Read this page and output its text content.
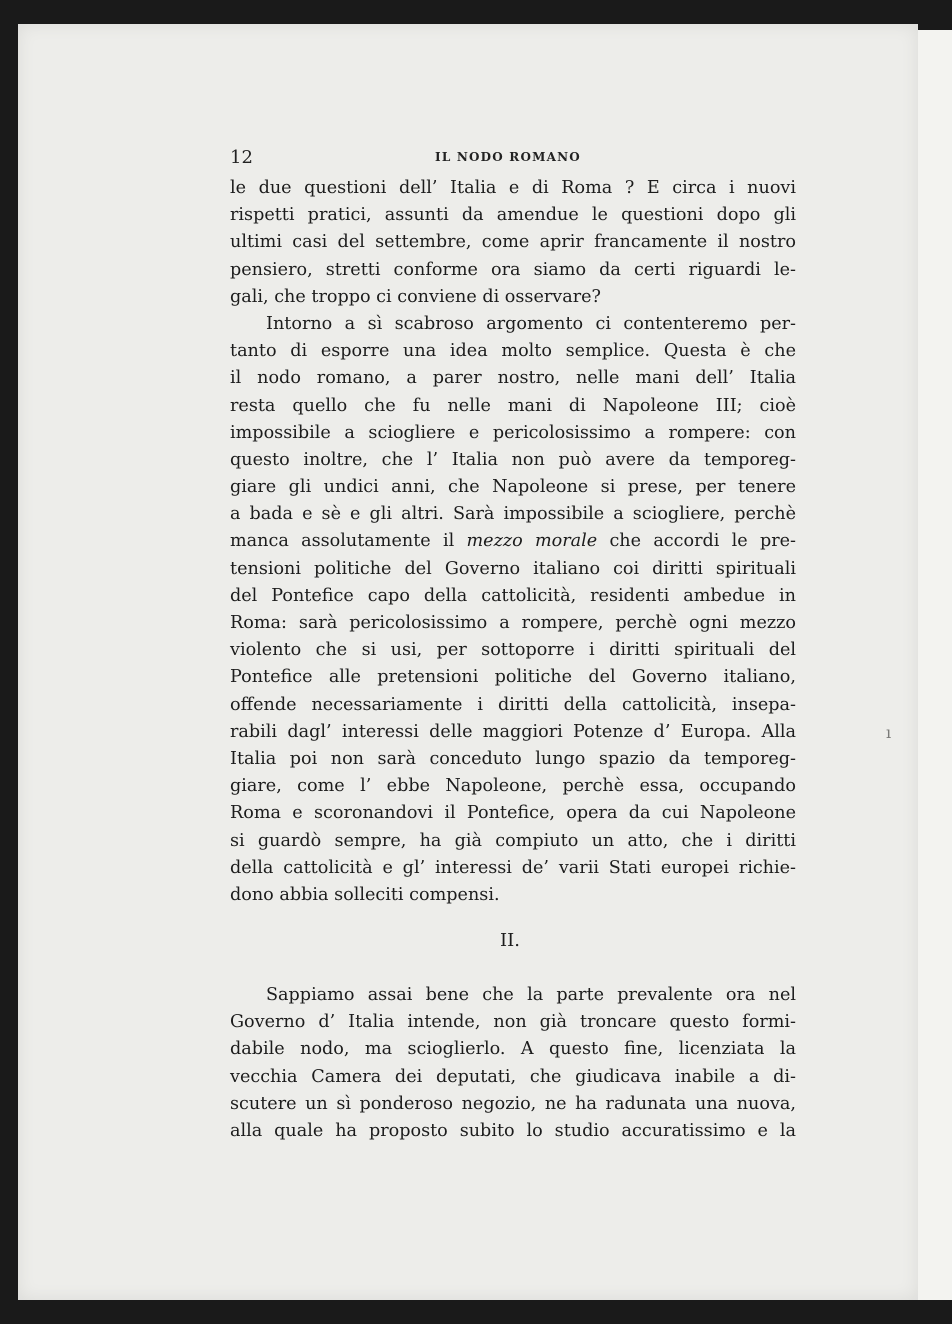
12	IL NODO ROMANO
le due questioni dell’ Italia e di Roma ? E circa i nuovi
rispetti pratici, assunti da amendue le questioni dopo gli
ultimi casi del settembre, come aprir francamente il nostro
pensiero, stretti conforme ora siamo da certi riguardi le-
gali, che troppo ci conviene di osservare?
Intorno a sì scabroso argomento ci contenteremo per-
tanto di esporre una idea molto semplice. Questa è che
il nodo romano, a parer nostro, nelle mani dell’ Italia
resta quello che fu nelle mani di Napoleone III; cioè
impossibile a sciogliere e pericolosissimo a rompere: con
questo inoltre, che l’ Italia non può avere da temporeg-
giare gli undici anni, che Napoleone si prese, per tenere
a bada e sè e gli altri. Sarà impossibile a sciogliere, perchè
manca assolutamente il mezzo morale che accordi le pre-
tensioni politiche del Governo italiano coi diritti spirituali
del Pontefice capo della cattolicità, residenti ambedue in
Roma: sarà pericolosissimo a rompere, perchè ogni mezzo
violento che si usi, per sottoporre i diritti spirituali del
Pontefice alle pretensioni politiche del Governo italiano,
offende necessariamente i diritti della cattolicità, insepa-
rabili dagl’ interessi delle maggiori Potenze d’ Europa. Alla
Italia poi non sarà conceduto lungo spazio da temporeg-
giare, come l’ ebbe Napoleone, perchè essa, occupando
Roma e scoronandovi il Pontefice, opera da cui Napoleone
si guardò sempre, ha già compiuto un atto, che i diritti
della cattolicità e gl’ interessi de’ varii Stati europei richie-
dono abbia solleciti compensi.
II.
Sappiamo assai bene che la parte prevalente ora nel
Governo d’ Italia intende, non già troncare questo formi-
dabile nodo, ma scioglierlo. A questo fine, licenziata la
vecchia Camera dei deputati, che giudicava inabile a di-
scutere un sì ponderoso negozio, ne ha radunata una nuova,
alla quale ha proposto subito lo studio accuratissimo e la
ı
